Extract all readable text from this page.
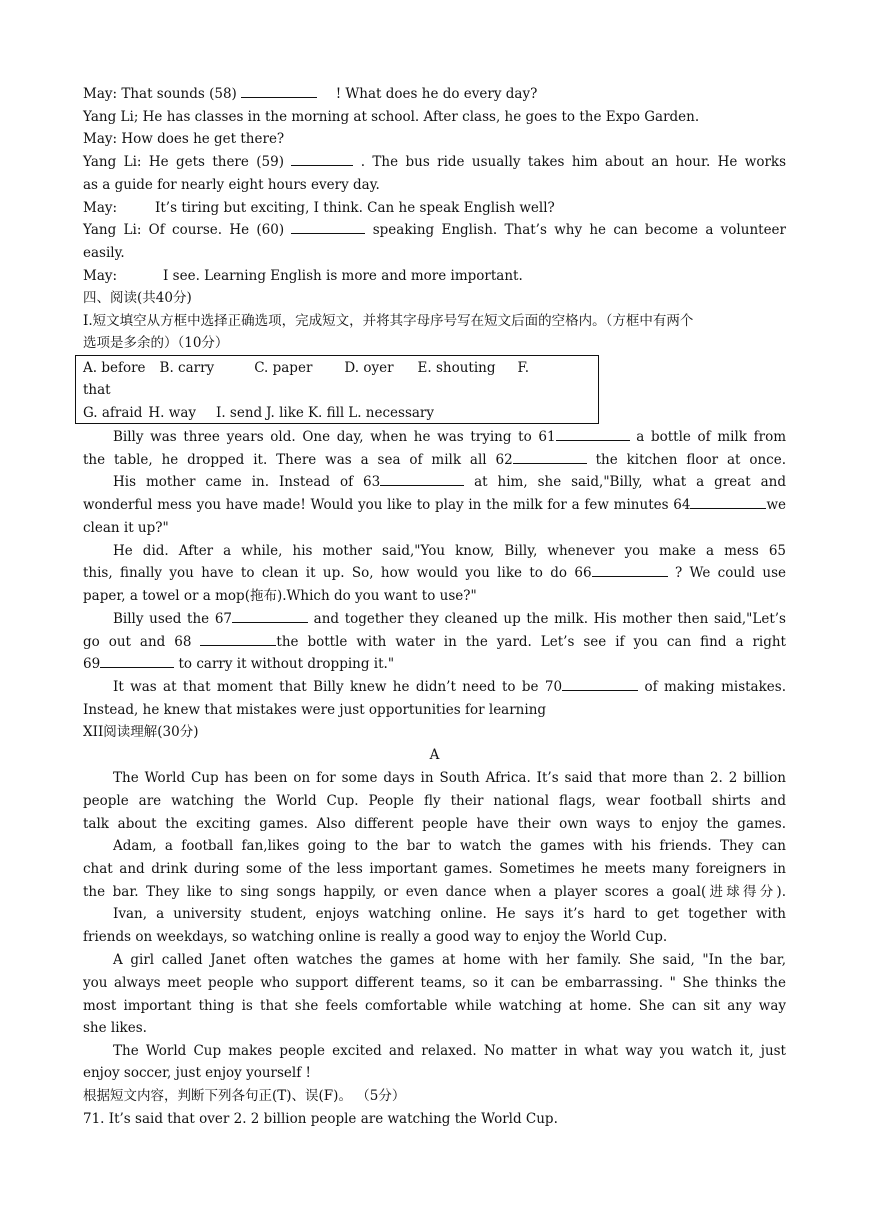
May: That sounds (58)	! What does he do every day?
Yang Li; He has classes in the morning at school. After class, he goes to the Expo Garden.
May: How does he get there?
Yang Li: He gets there (59)	. The bus ride usually takes him about an hour. He works
as a guide for nearly eight hours every day.
May:	It’s tiring but exciting, I think. Can he speak English well?
Yang Li: Of course. He (60)	speaking English. That’s why he can become a volunteer
easily.
May:	I see. Learning English is more and more important.
四、阅读(共40分)
I.短文填空从方框中选择正确选项，完成短文，并将其字母序号写在短文后面的空格内。（方框中有两个
选项是多余的）（10分）
A. before B. carry	C. paper D. oyer E. shouting F.
that
G. afraid H. way I. send J. like K. fill L. necessary
Billy was three years old. One day, when he was trying to 61	a bottle of milk from
the table, he dropped it. There was a sea of milk all 62	the kitchen floor at once.
His mother came in. Instead of 63	at him, she said,"Billy, what a great and
wonderful mess you have made! Would you like to play in the milk for a few minutes 64	we
clean it up?"
He did. After a while, his mother said,"You know, Billy, whenever you make a mess 65
this, finally you have to clean it up. So, how would you like to do 66	? We could use
paper, a towel or a mop(拖布).Which do you want to use?"
Billy used the 67	and together they cleaned up the milk. His mother then said,"Let’s
go out and 68	the bottle with water in the yard. Let’s see if you can find a right
69	to carry it without dropping it."
It was at that moment that Billy knew he didn’t need to be 70	of making mistakes.
Instead, he knew that mistakes were just opportunities for learning
XII阅读理解(30分)
A
The World Cup has been on for some days in South Africa. It’s said that more than 2. 2 billion
people are watching the World Cup. People fly their national flags, wear football shirts and
talk about the exciting games. Also different people have their own ways to enjoy the games.
Adam, a football fan,likes going to the bar to watch the games with his friends. They can
chat and drink during some of the less important games. Sometimes he meets many foreigners in
the bar. They like to sing songs happily, or even dance when a player scores a goal(进球得分).
Ivan, a university student, enjoys watching online. He says it’s hard to get together with
friends on weekdays, so watching online is really a good way to enjoy the World Cup.
A girl called Janet often watches the games at home with her family. She said, "In the bar,
you always meet people who support different teams, so it can be embarrassing. " She thinks the
most important thing is that she feels comfortable while watching at home. She can sit any way
she likes.
The World Cup makes people excited and relaxed. No matter in what way you watch it, just
enjoy soccer, just enjoy yourself !
根据短文内容，判断下列各句正(T)、误(F)。 （5分）
71. It’s said that over 2. 2 billion people are watching the World Cup.
